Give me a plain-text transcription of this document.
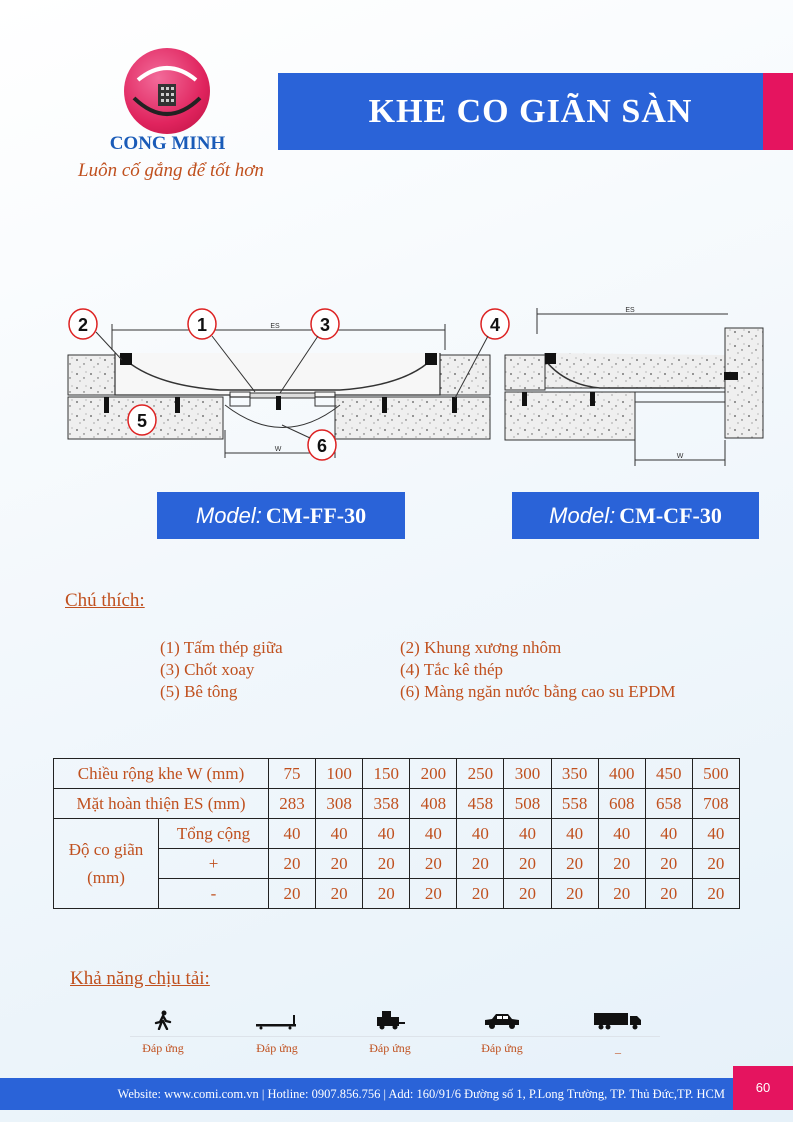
CONG MINH
Luôn cố gắng để tốt hơn
KHE CO GIÃN SÀN
ES
W
2	1	3	4
5
6
ES
W
Model: CM-FF-30	Model: CM-CF-30
Chú thích:
(1) Tấm thép giữa	(2) Khung xương nhôm
(3) Chốt xoay	(4) Tắc kê thép
(5) Bê tông	(6) Màng ngăn nước bằng cao su EPDM
Chiều rộng khe W (mm)		75	100	150	200	250	300	350	400	450	500
Mặt hoàn thiện ES (mm)		283	308	358	408	458	508	558	608	658	708

Độ co giãn
(mm)	Tổng cộng	40	40	40	40	40	40	40	40	40	40
	+	20	20	20	20	20	20	20	20	20	20
	-	20	20	20	20	20	20	20	20	20	20
Khả năng chịu tải:
Đáp ứng	Đáp ứng	Đáp ứng	Đáp ứng	_
Website: www.comi.com.vn | Hotline: 0907.856.756 | Add: 160/91/6 Đường số 1, P.Long Trường, TP. Thủ Đức,TP. HCM	60
